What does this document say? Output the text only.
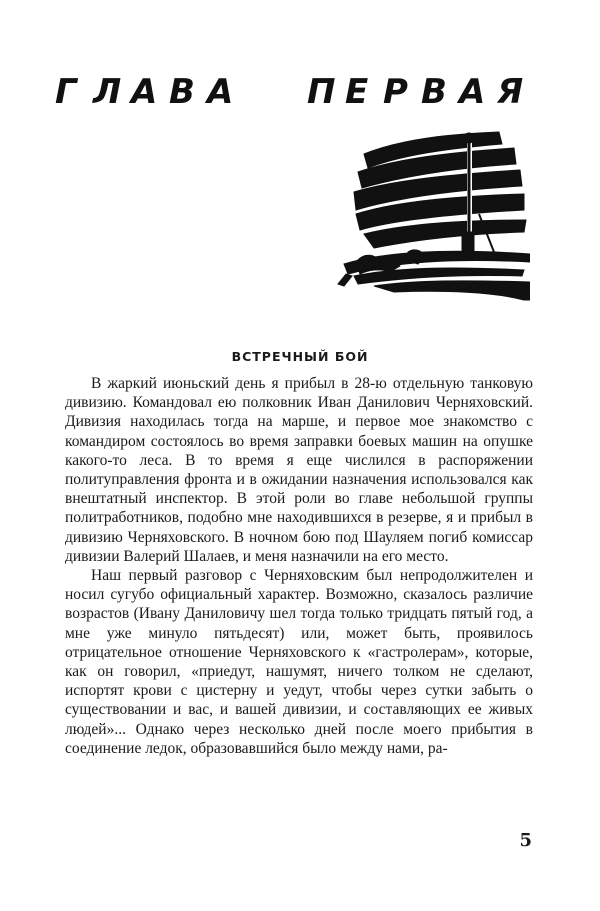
Г Л А В А	П Е Р В А Я
ВСТРЕЧНЫЙ БОЙ

В жаркий июньский день я прибыл в 28-ю отдельную танковую дивизию. Командовал ею полковник Иван Данилович Черняховский. Дивизия находилась тогда на марше, и первое мое знакомство с командиром состоялось во время заправки боевых машин на опушке какого-то леса. В то время я еще числился в распоряжении политуправления фронта и в ожидании назначения использовался как внештатный инспектор. В этой роли во главе небольшой группы политработников, подобно мне находившихся в резерве, я и прибыл в дивизию Черняховского. В ночном бою под Шауляем погиб комиссар дивизии Валерий Шалаев, и меня назначили на его место.

Наш первый разговор с Черняховским был непродолжителен и носил сугубо официальный характер. Возможно, сказалось различие возрастов (Ивану Даниловичу шел тогда только тридцать пятый год, а мне уже минуло пятьдесят) или, может быть, проявилось отрицательное отношение Черняховского к «гастролерам», которые, как он говорил, «приедут, нашумят, ничего толком не сделают, испортят крови с цистерну и уедут, чтобы через сутки забыть о существовании и вас, и вашей дивизии, и составляющих ее живых людей»... Однако через несколько дней после моего прибытия в соединение ледок, образовавшийся было между нами, ра-

5
